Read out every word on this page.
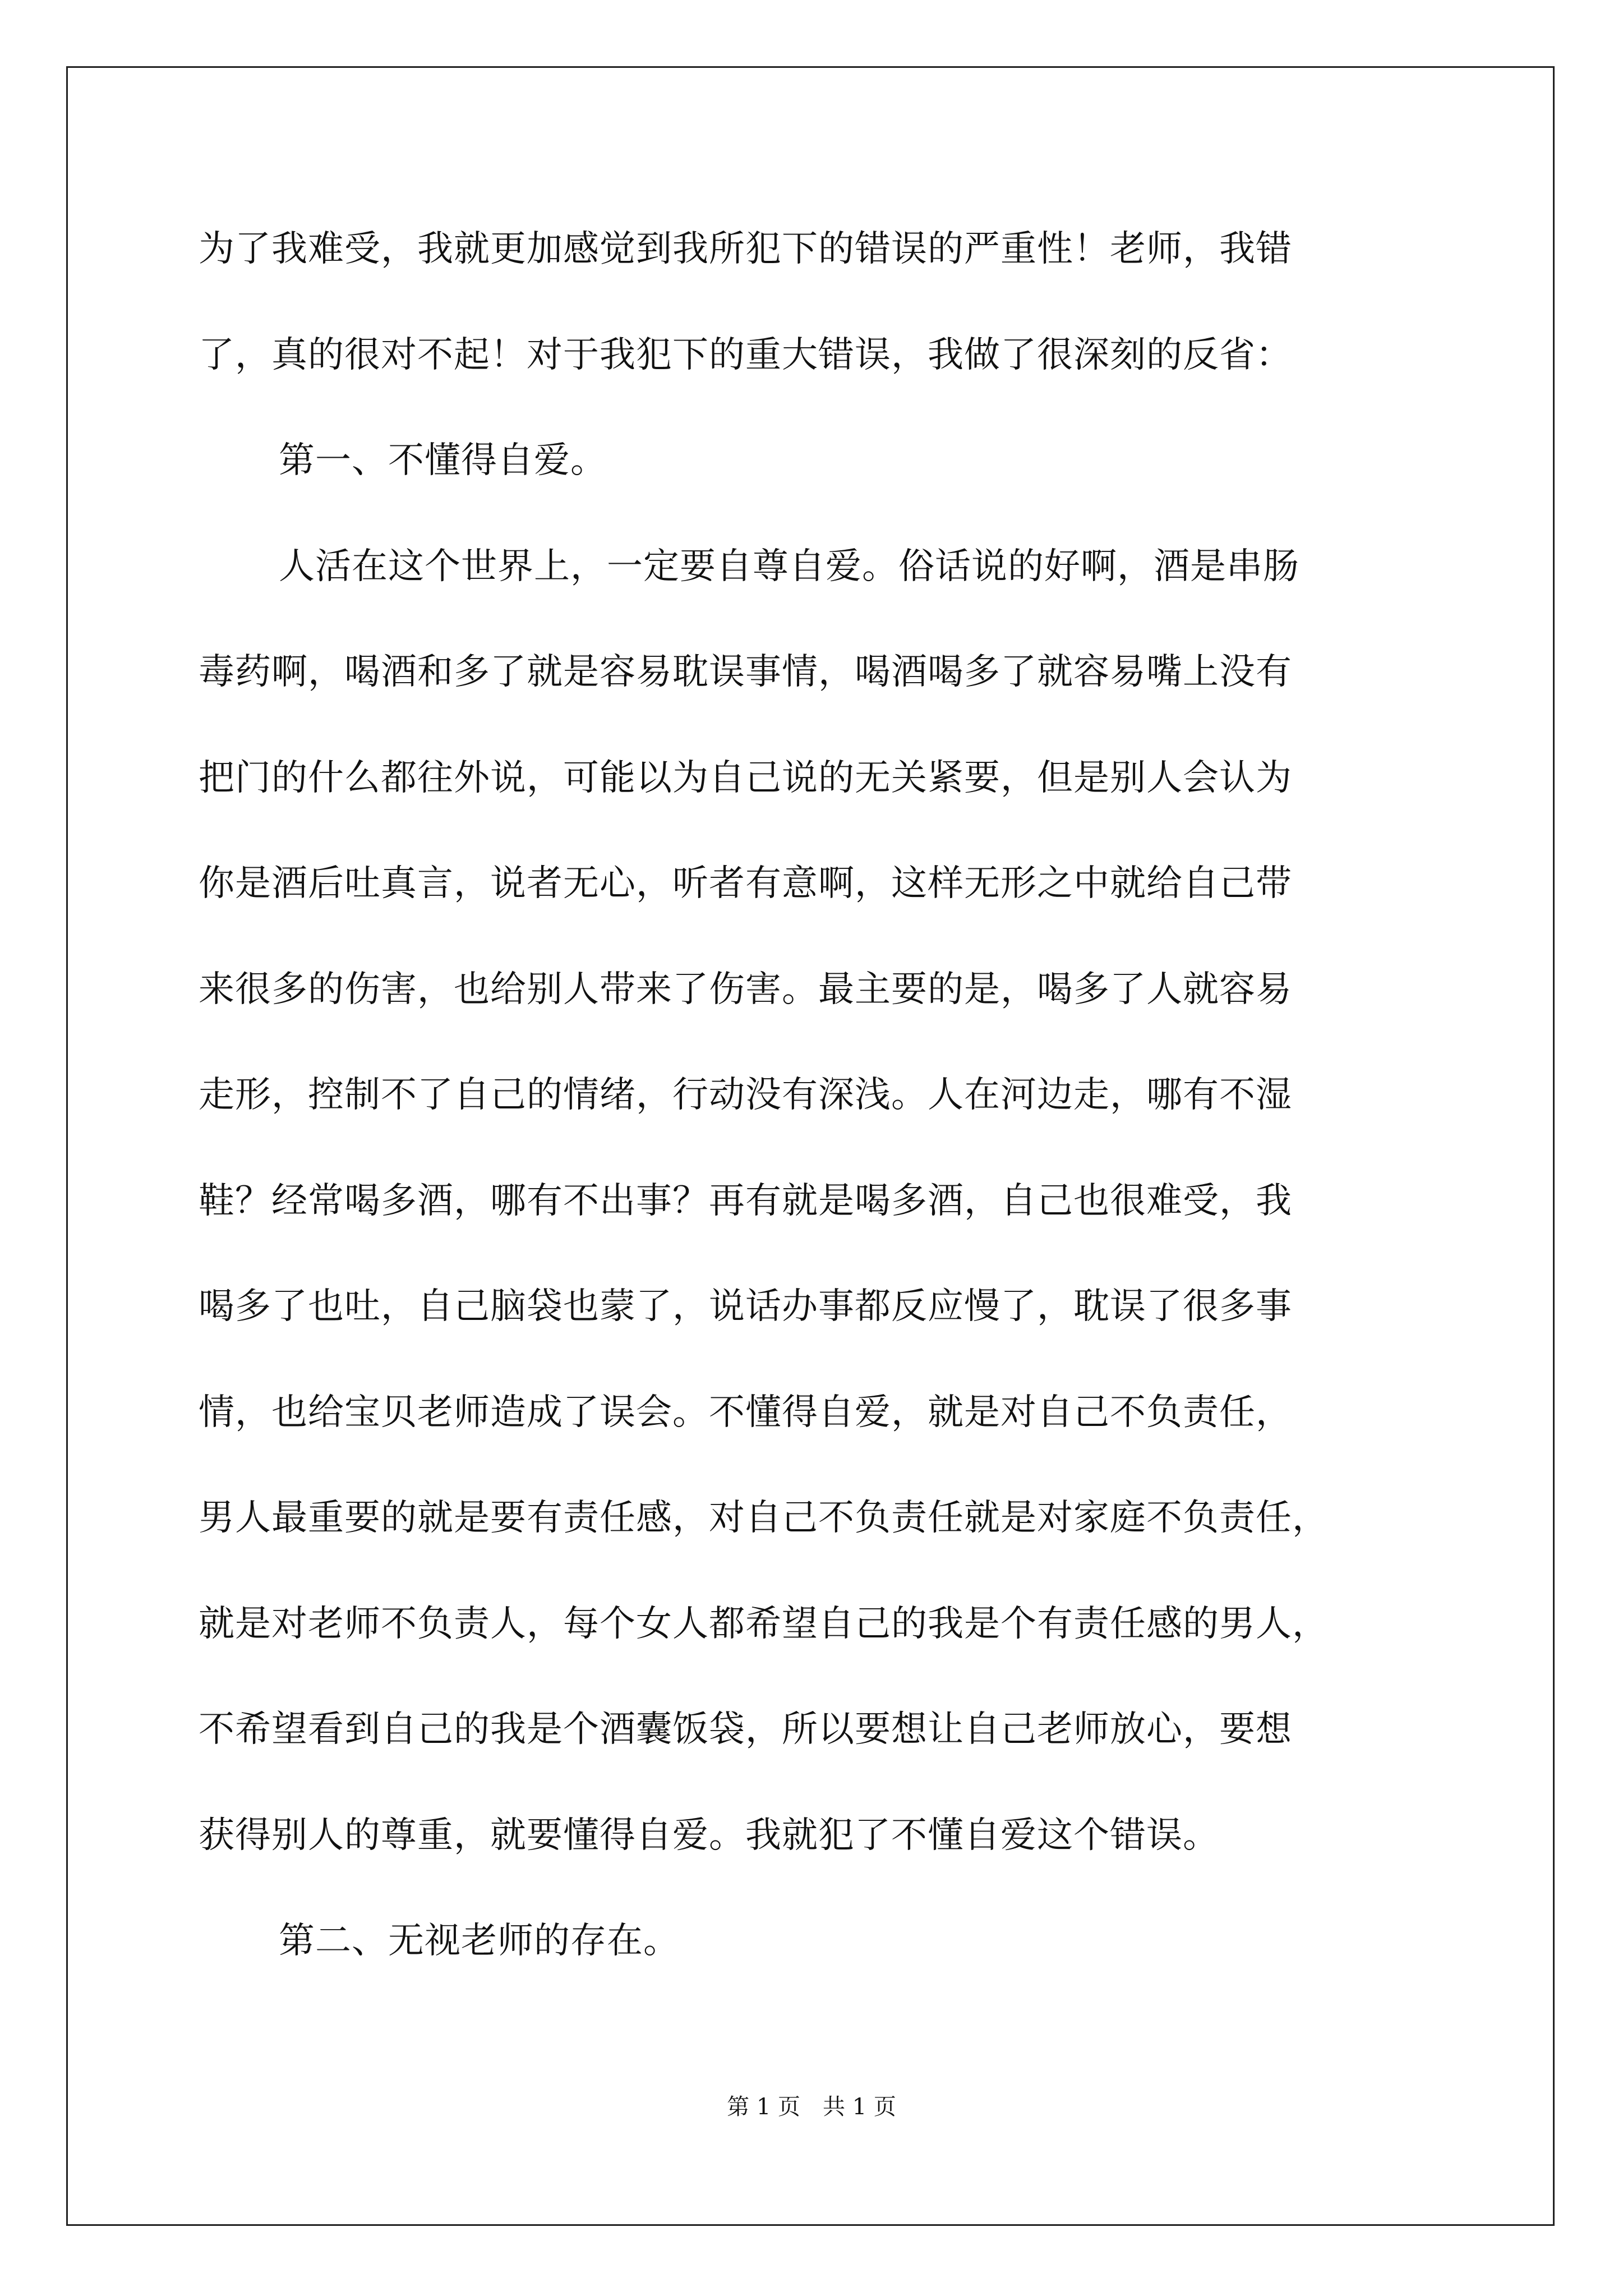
为了我难受，我就更加感觉到我所犯下的错误的严重性！老师，我错
了，真的很对不起！对于我犯下的重大错误，我做了很深刻的反省：
第一、不懂得自爱。
人活在这个世界上，一定要自尊自爱。俗话说的好啊，酒是串肠
毒药啊，喝酒和多了就是容易耽误事情，喝酒喝多了就容易嘴上没有
把门的什么都往外说，可能以为自己说的无关紧要，但是别人会认为
你是酒后吐真言，说者无心，听者有意啊，这样无形之中就给自己带
来很多的伤害，也给别人带来了伤害。最主要的是，喝多了人就容易
走形，控制不了自己的情绪，行动没有深浅。人在河边走，哪有不湿
鞋？经常喝多酒，哪有不出事？再有就是喝多酒，自己也很难受，我
喝多了也吐，自己脑袋也蒙了，说话办事都反应慢了，耽误了很多事
情，也给宝贝老师造成了误会。不懂得自爱，就是对自己不负责任，
男人最重要的就是要有责任感，对自己不负责任就是对家庭不负责任，
就是对老师不负责人，每个女人都希望自己的我是个有责任感的男人，
不希望看到自己的我是个酒囊饭袋，所以要想让自己老师放心，要想
获得别人的尊重，就要懂得自爱。我就犯了不懂自爱这个错误。
第二、无视老师的存在。
第 1 页　共 1 页
